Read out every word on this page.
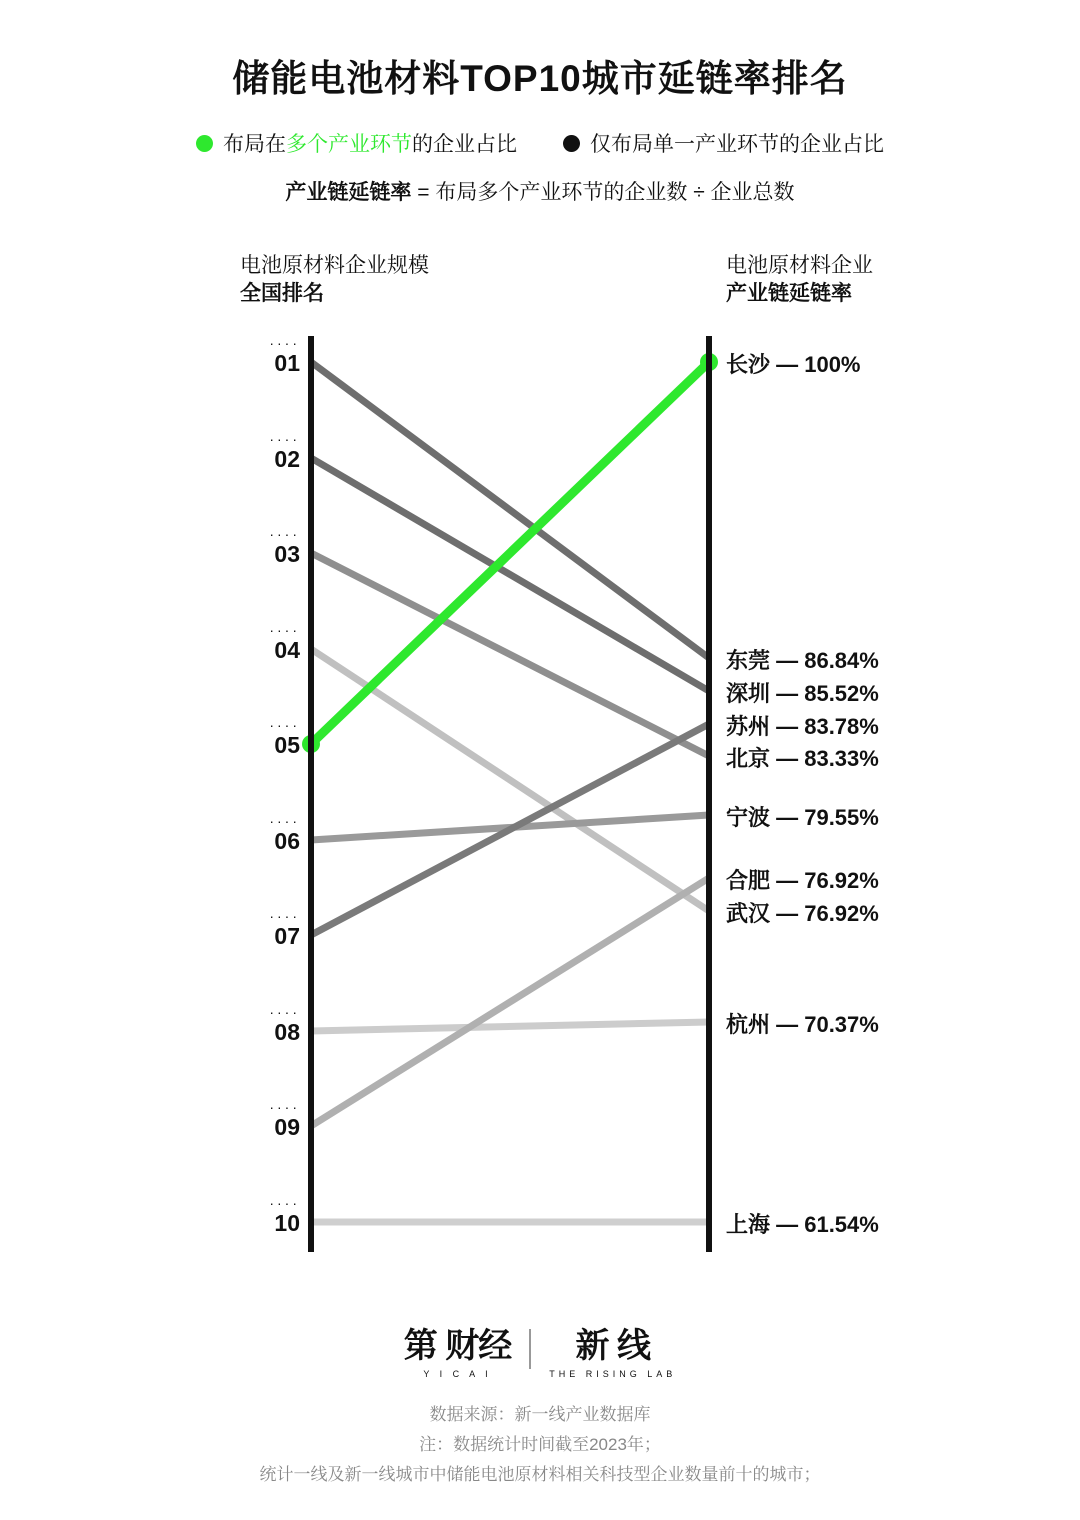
储能电池材料TOP10城市延链率排名
布局在多个产业环节的企业占比	仅布局单一产业环节的企业占比
产业链延链率 = 布局多个产业环节的企业数 ÷ 企业总数
电池原材料企业规模
全国排名
电池原材料企业
产业链延链率
····
01
····
02
····
03
····
04
····
05
····
06
····
07
····
08
····
09
····
10
长沙 — 100%
东莞 — 86.84%
深圳 — 85.52%
苏州 — 83.78%
北京 — 83.33%
宁波 — 79.55%
合肥 — 76.92%
武汉 — 76.92%
杭州 — 70.37%
上海 — 61.54%
第 财经
Y I C A I
新 线
THE RISING LAB
数据来源：新一线产业数据库
注：数据统计时间截至2023年；
统计一线及新一线城市中储能电池原材料相关科技型企业数量前十的城市；
